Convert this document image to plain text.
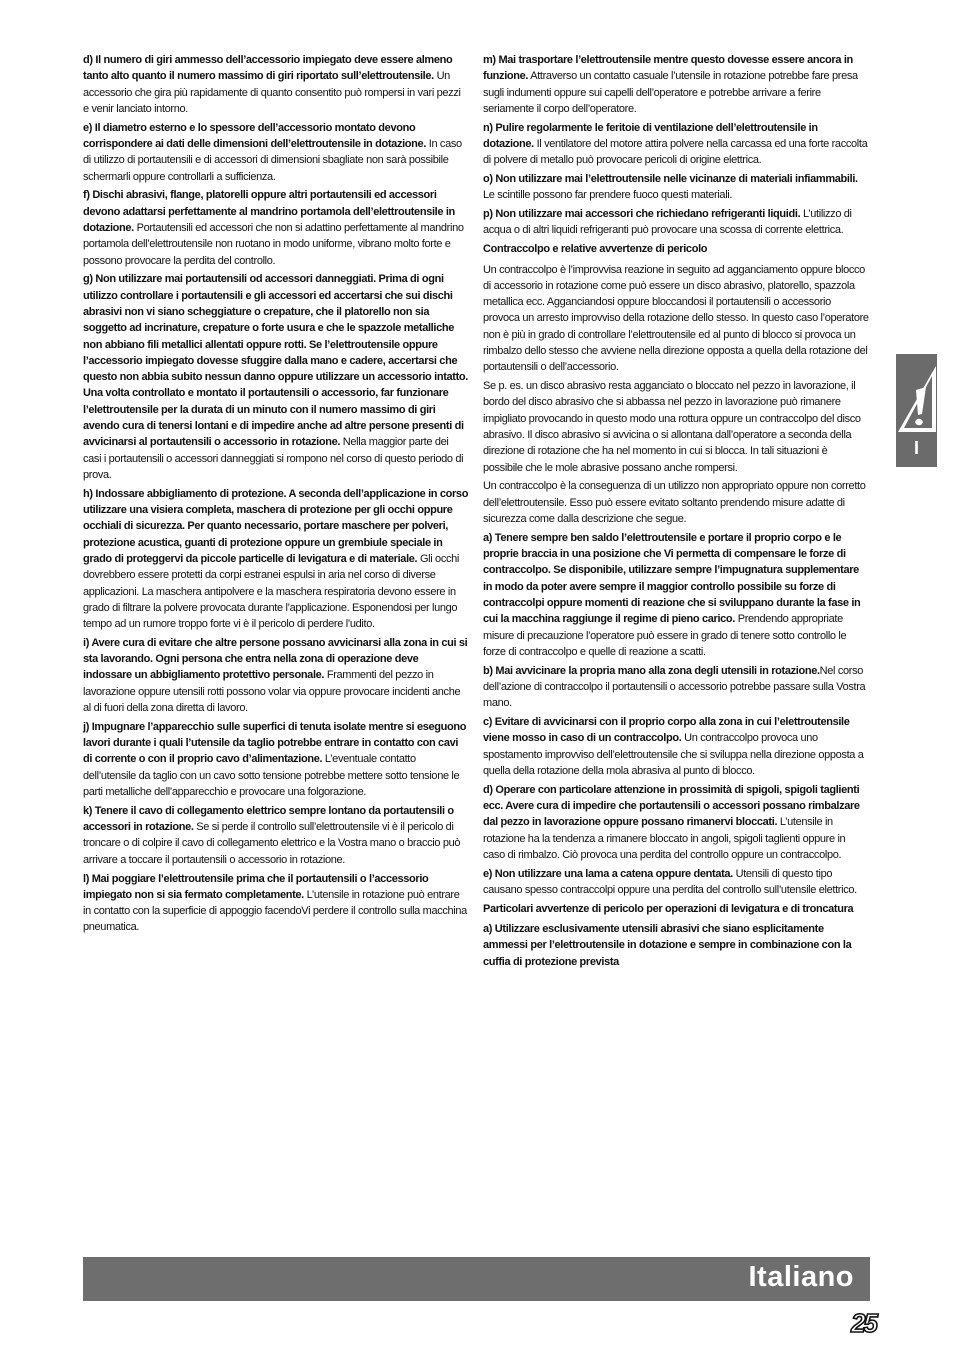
d) Il numero di giri ammesso dell’accessorio impiegato deve essere almeno tanto alto quanto il numero massimo di giri riportato sull’elettroutensile. Un accessorio che gira più rapidamente di quanto consentito può rompersi in vari pezzi e venir lanciato intorno.

e) Il diametro esterno e lo spessore dell’accessorio montato devono corrispondere ai dati delle dimensioni dell’elettroutensile in dotazione. In caso di utilizzo di portautensili e di accessori di dimensioni sbagliate non sarà possibile schermarli oppure controllarli a sufficienza.

f) Dischi abrasivi, flange, platorelli oppure altri portautensili ed accessori devono adattarsi perfettamente al mandrino portamola dell’elettroutensile in dotazione. Portautensili ed accessori che non si adattino perfettamente al mandrino portamola dell’elettroutensile non ruotano in modo uniforme, vibrano molto forte e possono provocare la perdita del controllo.

g) Non utilizzare mai portautensili od accessori danneggiati. Prima di ogni utilizzo controllare i portautensili e gli accessori ed accertarsi che sui dischi abrasivi non vi siano scheggiature o crepature, che il platorello non sia soggetto ad incrinature, crepature o forte usura e che le spazzole metalliche non abbiano fili metallici allentati oppure rotti. Se l’elettroutensile oppure l’accessorio impiegato dovesse sfuggire dalla mano e cadere, accertarsi che questo non abbia subito nessun danno oppure utilizzare un accessorio intatto. Una volta controllato e montato il portautensili o accessorio, far funzionare l’elettroutensile per la durata di un minuto con il numero massimo di giri avendo cura di tenersi lontani e di impedire anche ad altre persone presenti di avvicinarsi al portautensili o accessorio in rotazione. Nella maggior parte dei casi i portautensili o accessori danneggiati si rompono nel corso di questo periodo di prova.

h) Indossare abbigliamento di protezione. A seconda dell’applicazione in corso utilizzare una visiera completa, maschera di protezione per gli occhi oppure occhiali di sicurezza. Per quanto necessario, portare maschere per polveri, protezione acustica, guanti di protezione oppure un grembiule speciale in grado di proteggervi da piccole particelle di levigatura e di materiale. Gli occhi dovrebbero essere protetti da corpi estranei espulsi in aria nel corso di diverse applicazioni. La maschera antipolvere e la maschera respiratoria devono essere in grado di filtrare la polvere provocata durante l’applicazione. Esponendosi per lungo tempo ad un rumore troppo forte vi è il pericolo di perdere l’udito.

i) Avere cura di evitare che altre persone possano avvicinarsi alla zona in cui si sta lavorando. Ogni persona che entra nella zona di operazione deve indossare un abbigliamento protettivo personale. Frammenti del pezzo in lavorazione oppure utensili rotti possono volar via oppure provocare incidenti anche al di fuori della zona diretta di lavoro.

j) Impugnare l’apparecchio sulle superfici di tenuta isolate mentre si eseguono lavori durante i quali l’utensile da taglio potrebbe entrare in contatto con cavi di corrente o con il proprio cavo d’alimentazione. L’eventuale contatto dell’utensile da taglio con un cavo sotto tensione potrebbe mettere sotto tensione le parti metalliche dell’apparecchio e provocare una folgorazione.

k) Tenere il cavo di collegamento elettrico sempre lontano da portautensili o accessori in rotazione. Se si perde il controllo sull’elettroutensile vi è il pericolo di troncare o di colpire il cavo di collegamento elettrico e la Vostra mano o braccio può arrivare a toccare il portautensili o accessorio in rotazione.

l) Mai poggiare l’elettroutensile prima che il portautensili o l’accessorio impiegato non si sia fermato completamente. L’utensile in rotazione può entrare in contatto con la superficie di appoggio facendoVi perdere il controllo sulla macchina pneumatica.

m) Mai trasportare l’elettroutensile mentre questo dovesse essere ancora in funzione. Attraverso un contatto casuale l’utensile in rotazione potrebbe fare presa sugli indumenti oppure sui capelli dell’operatore e potrebbe arrivare a ferire seriamente il corpo dell’operatore.

n) Pulire regolarmente le feritoie di ventilazione dell’elettroutensile in dotazione. Il ventilatore del motore attira polvere nella carcassa ed una forte raccolta di polvere di metallo può provocare pericoli di origine elettrica.

o) Non utilizzare mai l’elettroutensile nelle vicinanze di materiali infiammabili. Le scintille possono far prendere fuoco questi materiali.

p) Non utilizzare mai accessori che richiedano refrigeranti liquidi. L’utilizzo di acqua o di altri liquidi refrigeranti può provocare una scossa di corrente elettrica.

Contraccolpo e relative avvertenze di pericolo

Un contraccolpo è l’improvvisa reazione in seguito ad agganciamento oppure blocco di accessorio in rotazione come può essere un disco abrasivo, platorello, spazzola metallica ecc. Agganciandosi oppure bloccandosi il portautensili o accessorio provoca un arresto improvviso della rotazione dello stesso. In questo caso l’operatore non è più in grado di controllare l’elettroutensile ed al punto di blocco si provoca un rimbalzo dello stesso che avviene nella direzione opposta a quella della rotazione del portautensili o dell’accessorio.

Se p. es. un disco abrasivo resta agganciato o bloccato nel pezzo in lavorazione, il bordo del disco abrasivo che si abbassa nel pezzo in lavorazione può rimanere impigliato provocando in questo modo una rottura oppure un contraccolpo del disco abrasivo. Il disco abrasivo si avvicina o si allontana dall’operatore a seconda della direzione di rotazione che ha nel momento in cui si blocca. In tali situazioni è possibile che le mole abrasive possano anche rompersi.

Un contraccolpo è la conseguenza di un utilizzo non appropriato oppure non corretto dell’elettroutensile. Esso può essere evitato soltanto prendendo misure adatte di sicurezza come dalla descrizione che segue.

a) Tenere sempre ben saldo l’elettroutensile e portare il proprio corpo e le proprie braccia in una posizione che Vi permetta di compensare le forze di contraccolpo. Se disponibile, utilizzare sempre l’impugnatura supplementare in modo da poter avere sempre il maggior controllo possibile su forze di contraccolpi oppure momenti di reazione che si sviluppano durante la fase in cui la macchina raggiunge il regime di pieno carico. Prendendo appropriate misure di precauzione l’operatore può essere in grado di tenere sotto controllo le forze di contraccolpo e quelle di reazione a scatti.

b) Mai avvicinare la propria mano alla zona degli utensili in rotazione.Nel corso dell’azione di contraccolpo il portautensili o accessorio potrebbe passare sulla Vostra mano.

c) Evitare di avvicinarsi con il proprio corpo alla zona in cui l’elettroutensile viene mosso in caso di un contraccolpo. Un contraccolpo provoca uno spostamento improvviso dell’elettroutensile che si sviluppa nella direzione opposta a quella della rotazione della mola abrasiva al punto di blocco.

d) Operare con particolare attenzione in prossimità di spigoli, spigoli taglienti ecc. Avere cura di impedire che portautensili o accessori possano rimbalzare dal pezzo in lavorazione oppure possano rimanervi bloccati. L’utensile in rotazione ha la tendenza a rimanere bloccato in angoli, spigoli taglienti oppure in caso di rimbalzo. Ciò provoca una perdita del controllo oppure un contraccolpo.

e) Non utilizzare una lama a catena oppure dentata. Utensili di questo tipo causano spesso contraccolpi oppure una perdita del controllo sull’utensile elettrico.

Particolari avvertenze di pericolo per operazioni di levigatura e di troncatura

a) Utilizzare esclusivamente utensili abrasivi che siano esplicitamente ammessi per l’elettroutensile in dotazione e sempre in combinazione con la cuffia di protezione prevista

I
Italiano
25
